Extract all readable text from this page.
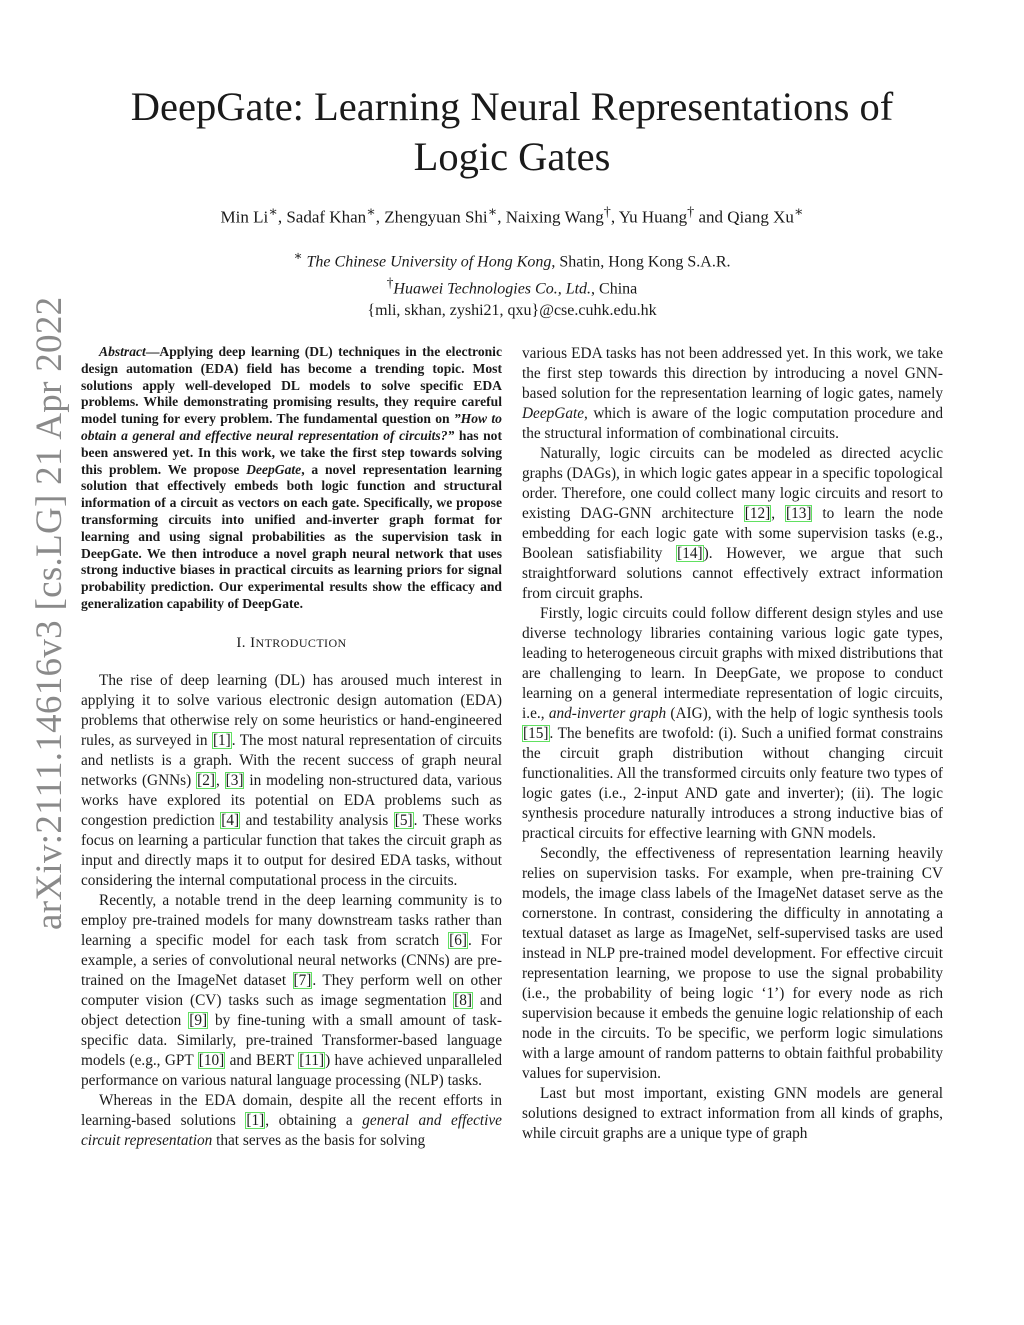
arXiv:2111.14616v3 [cs.LG] 21 Apr 2022
DeepGate: Learning Neural Representations of Logic Gates
Min Li∗, Sadaf Khan∗, Zhengyuan Shi∗, Naixing Wang†, Yu Huang† and Qiang Xu∗
∗ The Chinese University of Hong Kong, Shatin, Hong Kong S.A.R.
†Huawei Technologies Co., Ltd., China
{mli, skhan, zyshi21, qxu}@cse.cuhk.edu.hk

Abstract—Applying deep learning (DL) techniques in the electronic design automation (EDA) field has become a trending topic. Most solutions apply well-developed DL models to solve specific EDA problems. While demonstrating promising results, they require careful model tuning for every problem. The fundamental question on ”How to obtain a general and effective neural representation of circuits?” has not been answered yet. In this work, we take the first step towards solving this problem. We propose DeepGate, a novel representation learning solution that effectively embeds both logic function and structural information of a circuit as vectors on each gate. Specifically, we propose transforming circuits into unified and-inverter graph format for learning and using signal probabilities as the supervision task in DeepGate. We then introduce a novel graph neural network that uses strong inductive biases in practical circuits as learning priors for signal probability prediction. Our experimental results show the efficacy and generalization capability of DeepGate.

I. INTRODUCTION

The rise of deep learning (DL) has aroused much interest in applying it to solve various electronic design automation (EDA) problems that otherwise rely on some heuristics or hand-engineered rules, as surveyed in [1]. The most natural representation of circuits and netlists is a graph. With the recent success of graph neural networks (GNNs) [2], [3] in modeling non-structured data, various works have explored its potential on EDA problems such as congestion prediction [4] and testability analysis [5]. These works focus on learning a particular function that takes the circuit graph as input and directly maps it to output for desired EDA tasks, without considering the internal computational process in the circuits.

Recently, a notable trend in the deep learning community is to employ pre-trained models for many downstream tasks rather than learning a specific model for each task from scratch [6]. For example, a series of convolutional neural networks (CNNs) are pre-trained on the ImageNet dataset [7]. They perform well on other computer vision (CV) tasks such as image segmentation [8] and object detection [9] by fine-tuning with a small amount of task-specific data. Similarly, pre-trained Transformer-based language models (e.g., GPT [10] and BERT [11]) have achieved unparalleled performance on various natural language processing (NLP) tasks.

Whereas in the EDA domain, despite all the recent efforts in learning-based solutions [1], obtaining a general and effective circuit representation that serves as the basis for solving

various EDA tasks has not been addressed yet. In this work, we take the first step towards this direction by introducing a novel GNN-based solution for the representation learning of logic gates, namely DeepGate, which is aware of the logic computation procedure and the structural information of combinational circuits.

Naturally, logic circuits can be modeled as directed acyclic graphs (DAGs), in which logic gates appear in a specific topological order. Therefore, one could collect many logic circuits and resort to existing DAG-GNN architecture [12], [13] to learn the node embedding for each logic gate with some supervision tasks (e.g., Boolean satisfiability [14]). However, we argue that such straightforward solutions cannot effectively extract information from circuit graphs.

Firstly, logic circuits could follow different design styles and use diverse technology libraries containing various logic gate types, leading to heterogeneous circuit graphs with mixed distributions that are challenging to learn. In DeepGate, we propose to conduct learning on a general intermediate representation of logic circuits, i.e., and-inverter graph (AIG), with the help of logic synthesis tools [15]. The benefits are twofold: (i). Such a unified format constrains the circuit graph distribution without changing circuit functionalities. All the transformed circuits only feature two types of logic gates (i.e., 2-input AND gate and inverter); (ii). The logic synthesis procedure naturally introduces a strong inductive bias of practical circuits for effective learning with GNN models.

Secondly, the effectiveness of representation learning heavily relies on supervision tasks. For example, when pre-training CV models, the image class labels of the ImageNet dataset serve as the cornerstone. In contrast, considering the difficulty in annotating a textual dataset as large as ImageNet, self-supervised tasks are used instead in NLP pre-trained model development. For effective circuit representation learning, we propose to use the signal probability (i.e., the probability of being logic ‘1’) for every node as rich supervision because it embeds the genuine logic relationship of each node in the circuits. To be specific, we perform logic simulations with a large amount of random patterns to obtain faithful probability values for supervision.

Last but most important, existing GNN models are general solutions designed to extract information from all kinds of graphs, while circuit graphs are a unique type of graph
